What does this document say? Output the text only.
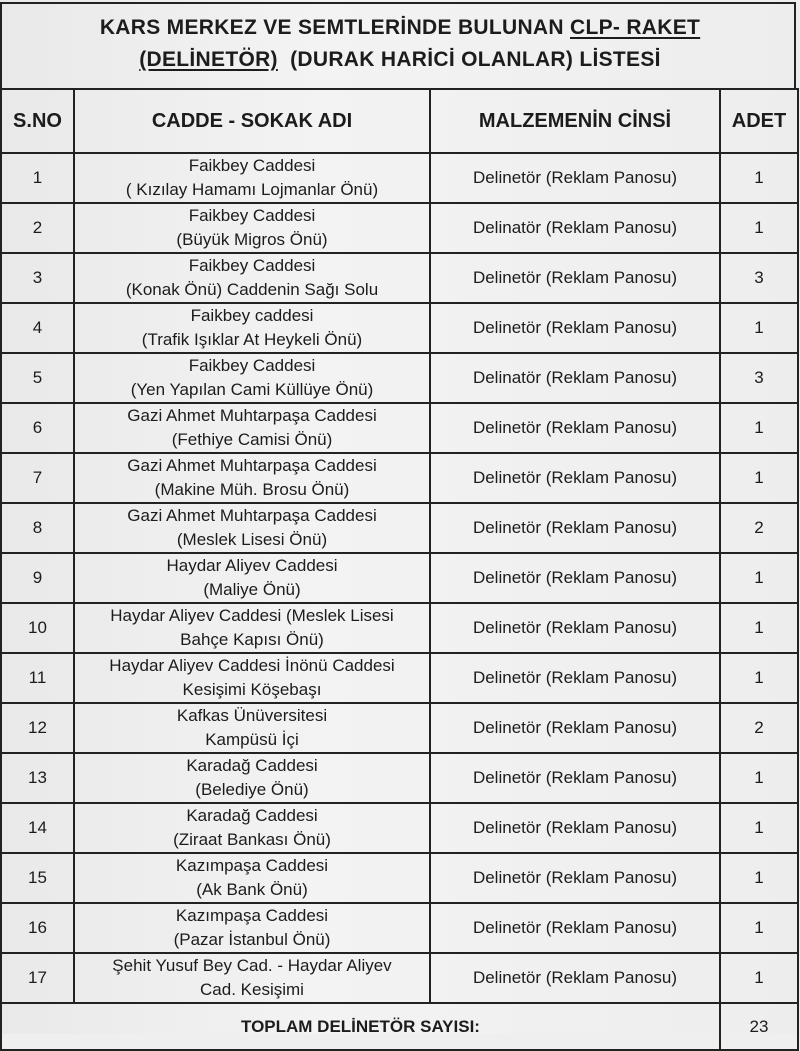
KARS MERKEZ VE SEMTLERİNDE BULUNAN CLP- RAKET
(DELİNETÖR)  (DURAK HARİCİ OLANLAR) LİSTESİ
S.NO	CADDE - SOKAK ADI	MALZEMENİN CİNSİ	ADET
1	Faikbey Caddesi
( Kızılay Hamamı Lojmanlar Önü)	Delinetör (Reklam Panosu)	1
2	Faikbey Caddesi
(Büyük Migros Önü)	Delinatör (Reklam Panosu)	1
3	Faikbey Caddesi
(Konak Önü) Caddenin Sağı Solu	Delinetör (Reklam Panosu)	3
4	Faikbey caddesi
(Trafik Işıklar At Heykeli Önü)	Delinetör (Reklam Panosu)	1
5	Faikbey Caddesi
(Yen Yapılan Cami Küllüye Önü)	Delinatör (Reklam Panosu)	3
6	Gazi Ahmet Muhtarpaşa Caddesi
(Fethiye Camisi Önü)	Delinetör (Reklam Panosu)	1
7	Gazi Ahmet Muhtarpaşa Caddesi
(Makine Müh. Brosu Önü)	Delinetör (Reklam Panosu)	1
8	Gazi Ahmet Muhtarpaşa Caddesi
(Meslek Lisesi Önü)	Delinetör (Reklam Panosu)	2
9	Haydar Aliyev Caddesi
(Maliye Önü)	Delinetör (Reklam Panosu)	1
10	Haydar Aliyev Caddesi (Meslek Lisesi
Bahçe Kapısı Önü)	Delinetör (Reklam Panosu)	1
11	Haydar Aliyev Caddesi İnönü Caddesi
Kesişimi Köşebaşı	Delinetör (Reklam Panosu)	1
12	Kafkas Ünüversitesi
Kampüsü İçi	Delinetör (Reklam Panosu)	2
13	Karadağ Caddesi
(Belediye Önü)	Delinetör (Reklam Panosu)	1
14	Karadağ Caddesi
(Ziraat Bankası Önü)	Delinetör (Reklam Panosu)	1
15	Kazımpaşa Caddesi
(Ak Bank Önü)	Delinetör (Reklam Panosu)	1
16	Kazımpaşa Caddesi
(Pazar İstanbul Önü)	Delinetör (Reklam Panosu)	1
17	Şehit Yusuf Bey Cad. - Haydar Aliyev
Cad. Kesişimi	Delinetör (Reklam Panosu)	1
TOPLAM DELİNETÖR SAYISI:			23
